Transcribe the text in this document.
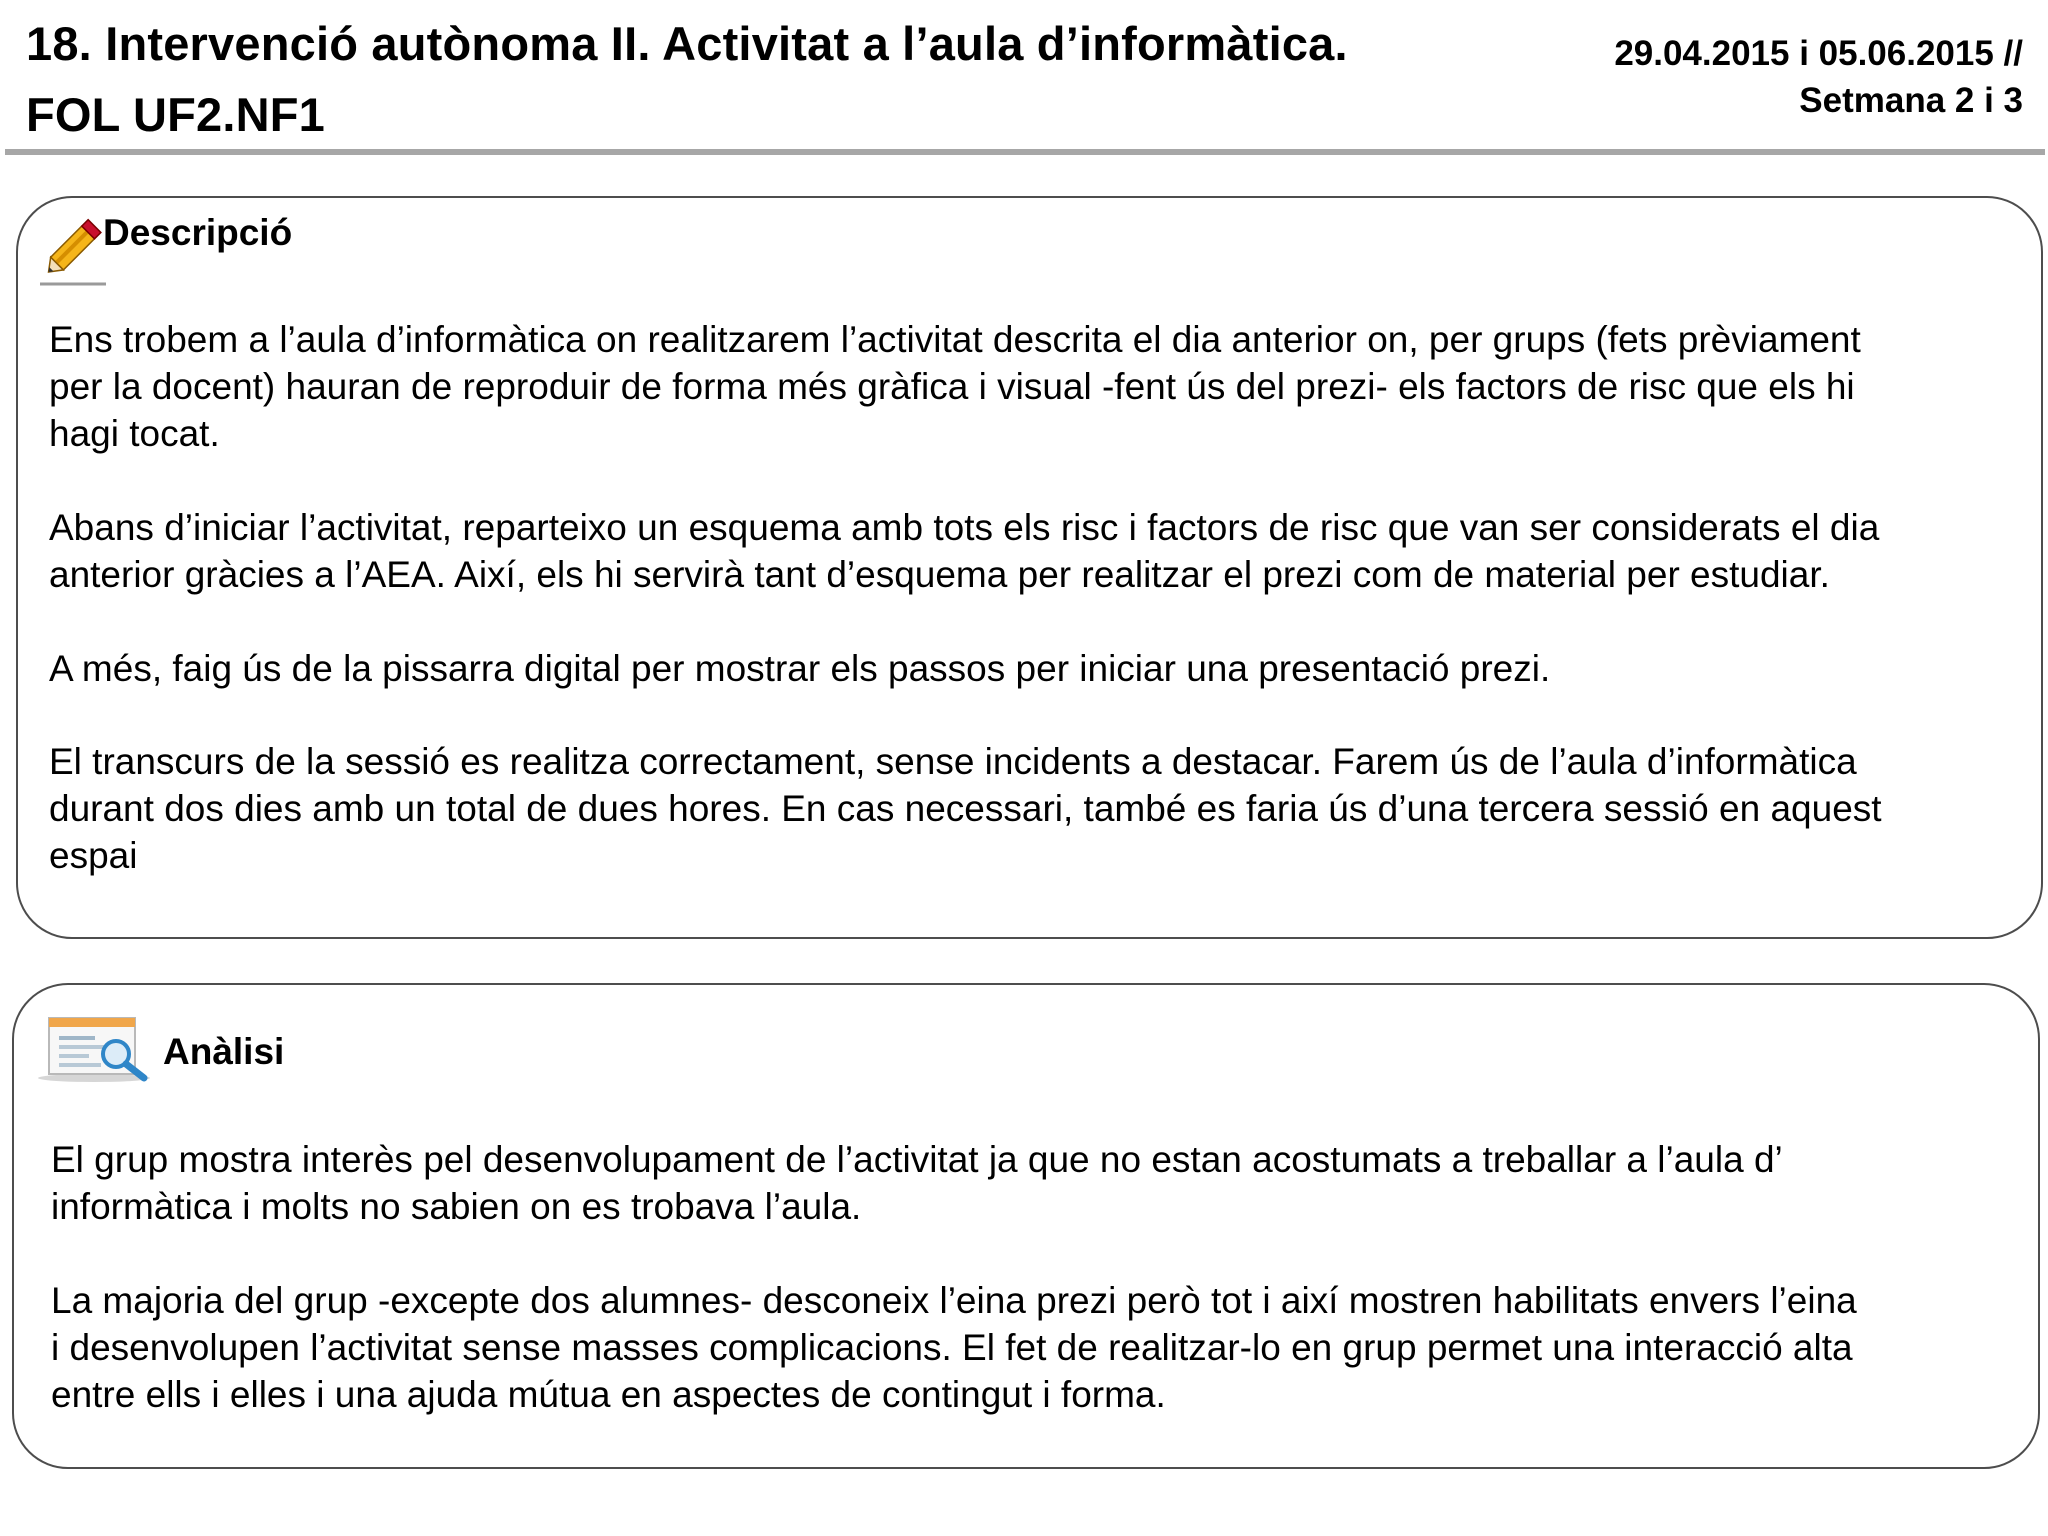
18. Intervenció autònoma II. Activitat a l’aula d’informàtica.
FOL UF2.NF1
29.04.2015 i 05.06.2015 //
Setmana 2 i 3
Descripció

Ens trobem a l’aula d’informàtica on realitzarem l’activitat descrita el dia anterior on, per grups (fets prèviament
per la docent) hauran de reproduir de forma més gràfica i visual -fent ús del prezi- els factors de risc que els hi
hagi tocat.

Abans d’iniciar l’activitat, reparteixo un esquema amb tots els risc i factors de risc que van ser considerats el dia
anterior gràcies a l’AEA. Així, els hi servirà tant d’esquema per realitzar el prezi com de material per estudiar.

A més, faig ús de la pissarra digital per mostrar els passos per iniciar una presentació prezi.

El transcurs de la sessió es realitza correctament, sense incidents a destacar. Farem ús de l’aula d’informàtica
durant dos dies amb un total de dues hores. En cas necessari, també es faria ús d’una tercera sessió en aquest
espai

Anàlisi

El grup mostra interès pel desenvolupament de l’activitat ja que no estan acostumats a treballar a l’aula d’
informàtica i molts no sabien on es trobava l’aula.

La majoria del grup -excepte dos alumnes- desconeix l’eina prezi però tot i així mostren habilitats envers l’eina
i desenvolupen l’activitat sense masses complicacions. El fet de realitzar-lo en grup permet una interacció alta
entre ells i elles i una ajuda mútua en aspectes de contingut i forma.
